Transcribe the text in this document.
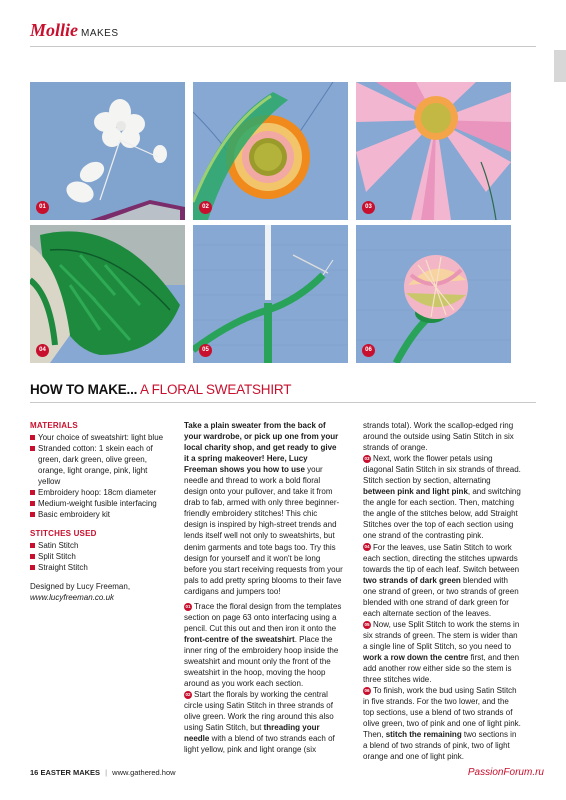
Mollie MAKES
01	02	03
04	05	06
HOW TO MAKE... A FLORAL SWEATSHIRT
MATERIALS
Your choice of sweatshirt: light blue
Stranded cotton: 1 skein each of green, dark green, olive green, orange, light orange, pink, light yellow
Embroidery hoop: 18cm diameter
Medium-weight fusible interfacing
Basic embroidery kit
STITCHES USED
Satin Stitch
Split Stitch
Straight Stitch
Designed by Lucy Freeman,
www.lucyfreeman.co.uk

Take a plain sweater from the back of your wardrobe, or pick up one from your local charity shop, and get ready to give it a spring makeover! Here, Lucy Freeman shows you how to use your needle and thread to work a bold floral design onto your pullover, and take it from drab to fab, armed with only three beginner-friendly embroidery stitches! This chic design is inspired by high-street trends and lends itself well not only to sweatshirts, but denim garments and tote bags too. Try this design for yourself and it won't be long before you start receiving requests from your pals to add pretty spring blooms to their fave cardigans and jumpers too!

01 Trace the floral design from the templates section on page 63 onto interfacing using a pencil. Cut this out and then iron it onto the front-centre of the sweatshirt. Place the inner ring of the embroidery hoop inside the sweatshirt and mount only the front of the sweatshirt in the hoop, moving the hoop around as you work each section.

02 Start the florals by working the central circle using Satin Stitch in three strands of olive green. Work the ring around this also using Satin Stitch, but threading your needle with a blend of two strands each of light yellow, pink and light orange (six

strands total). Work the scallop-edged ring around the outside using Satin Stitch in six strands of orange.

03 Next, work the flower petals using diagonal Satin Stitch in six strands of thread. Stitch section by section, alternating between pink and light pink, and switching the angle for each section. Then, matching the angle of the stitches below, add Straight Stitches over the top of each section using one strand of the contrasting pink.

04 For the leaves, use Satin Stitch to work each section, directing the stitches upwards towards the tip of each leaf. Switch between two strands of dark green blended with one strand of green, or two strands of green blended with one strand of dark green for each alternate section of the leaves.

05 Now, use Split Stitch to work the stems in six strands of green. The stem is wider than a single line of Split Stitch, so you need to work a row down the centre first, and then add another row either side so the stem is three stitches wide.

06 To finish, work the bud using Satin Stitch in five strands. For the two lower, and the top sections, use a blend of two strands of olive green, two of pink and one of light pink. Then, stitch the remaining two sections in a blend of two strands of pink, two of light orange and one of light pink.

16 EASTER MAKES | www.gathered.how	PassionForum.ru
